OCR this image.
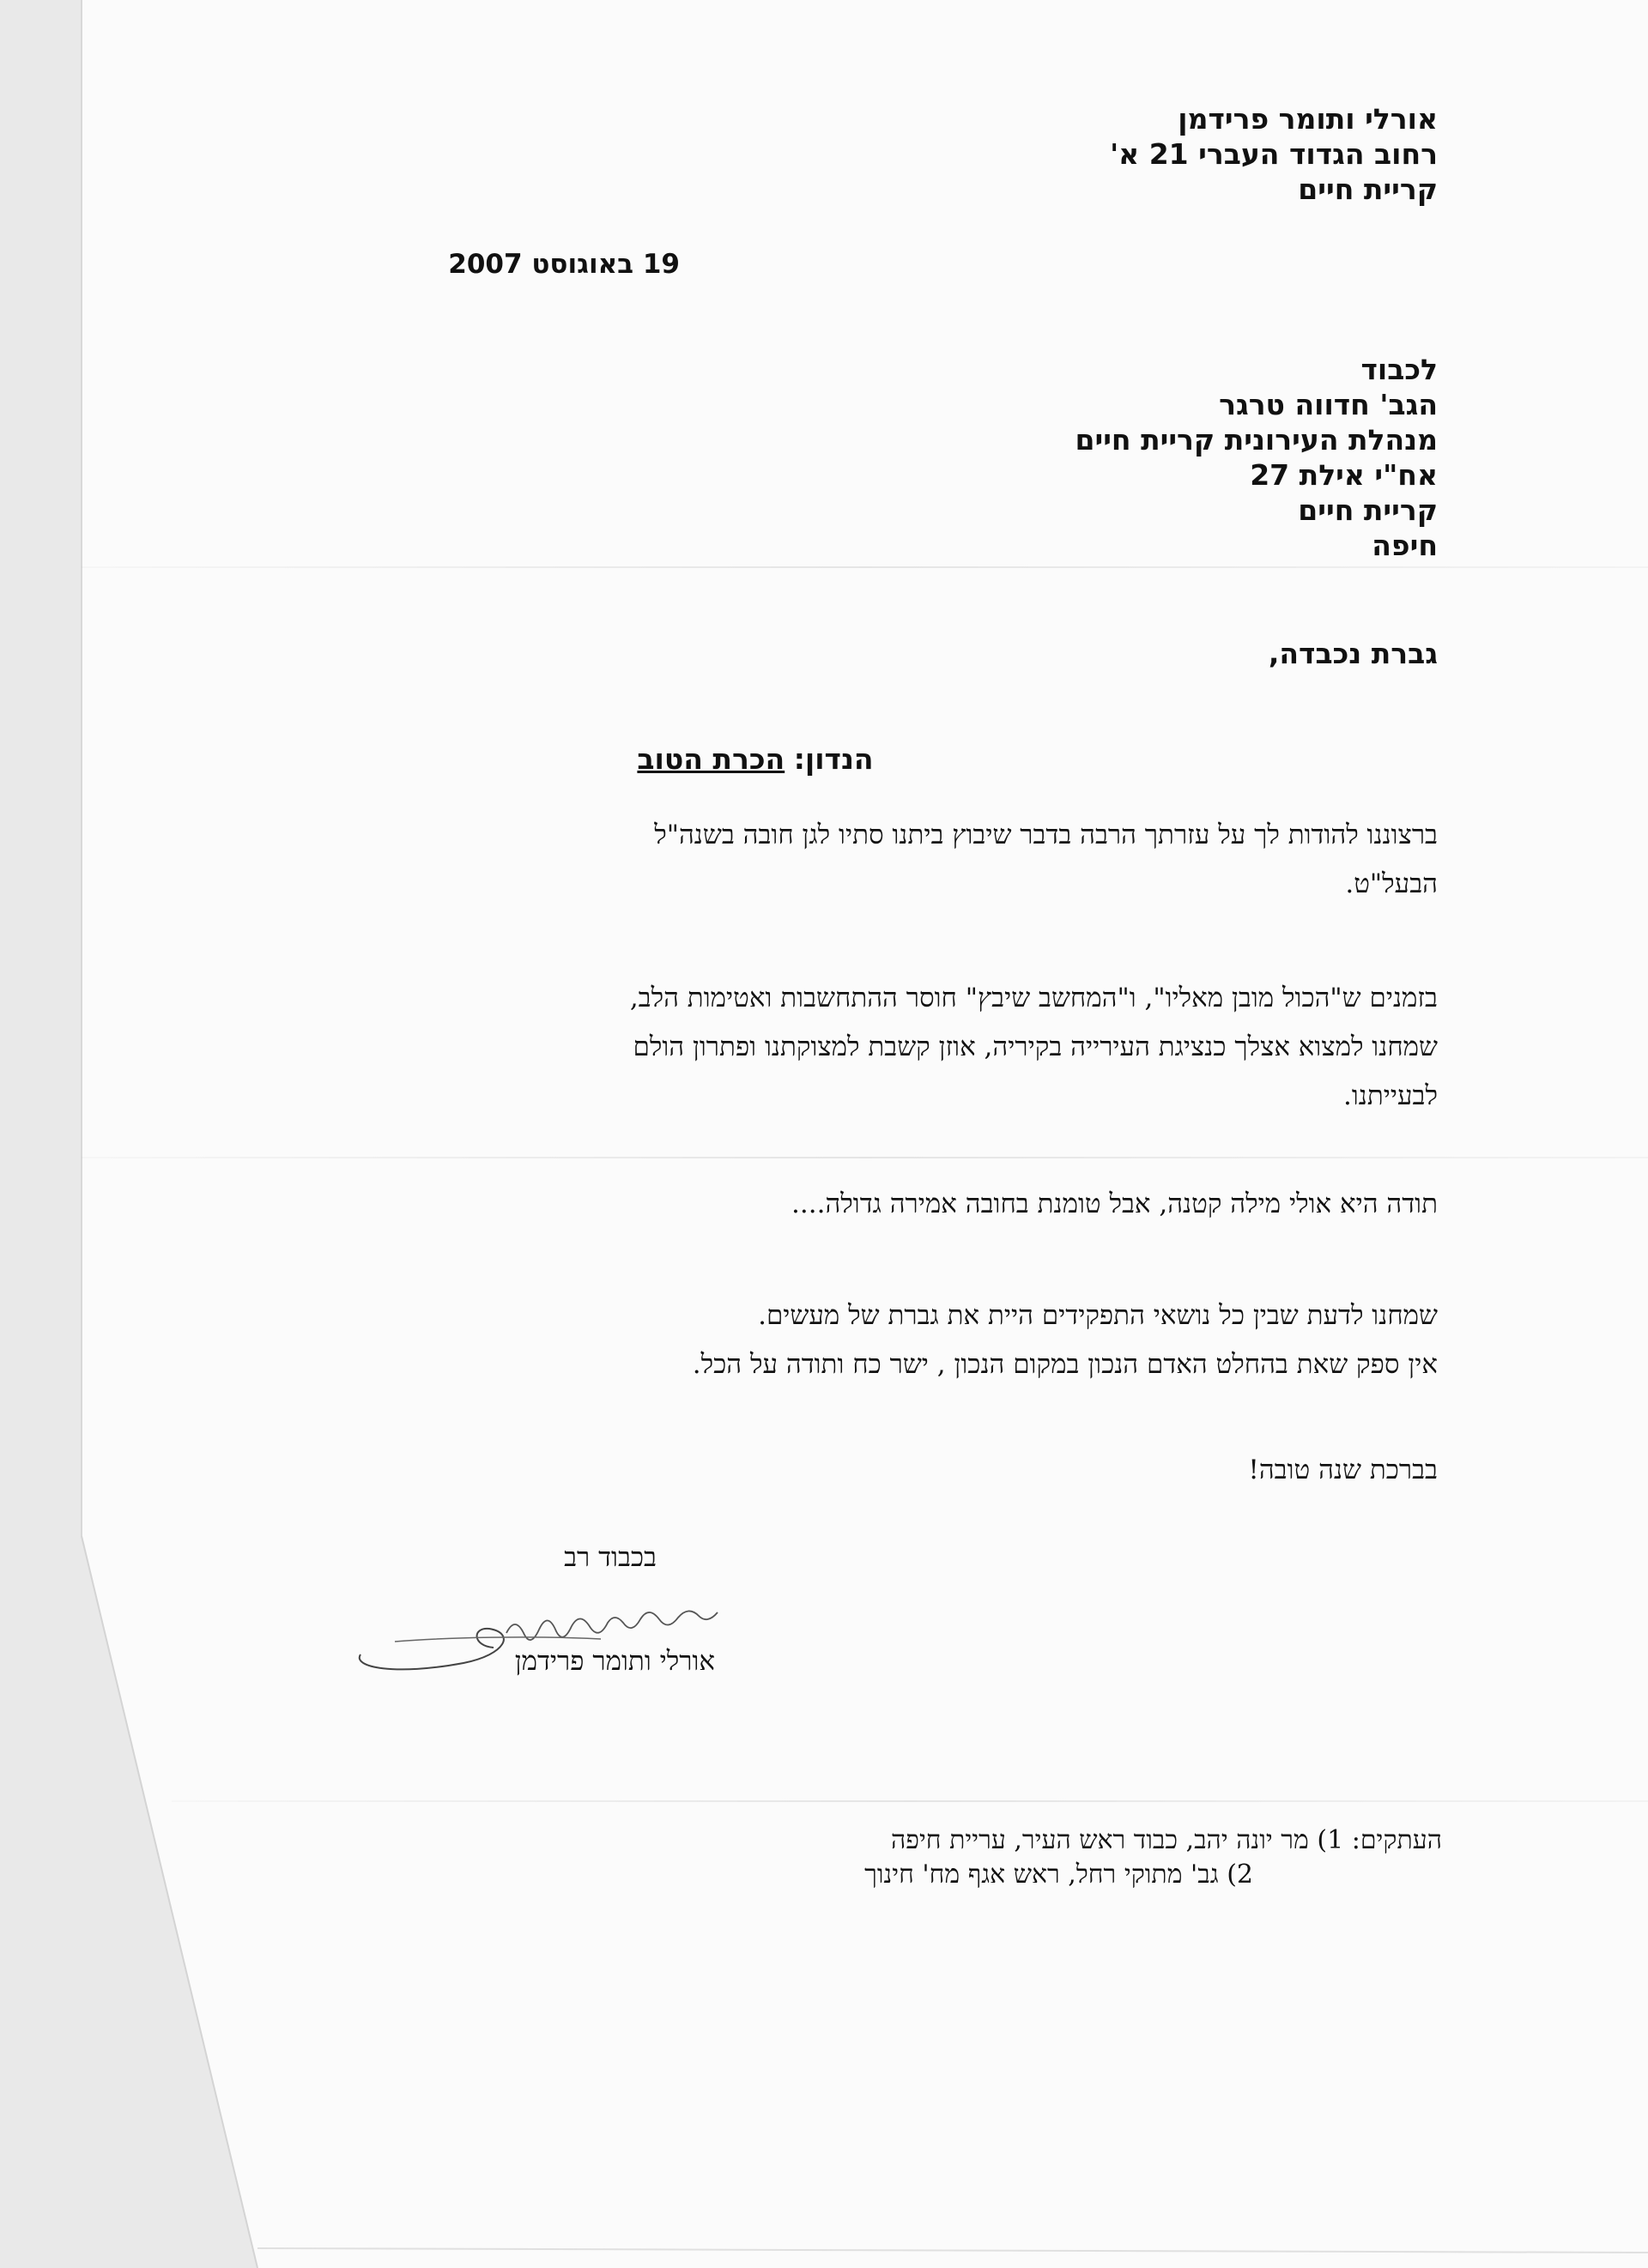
אורלי ותומר פרידמן
רחוב הגדוד העברי 21 א'
קריית חיים
19 באוגוסט 2007
לכבוד
הגב' חדווה טרגר
מנהלת העירונית קריית חיים
אח"י אילת 27
קריית חיים
חיפה
גברת נכבדה,
הנדון: הכרת הטוב
ברצוננו להודות לך על עזרתך הרבה בדבר שיבוץ ביתנו סתיו לגן חובה בשנה"ל
הבעל"ט.
בזמנים ש"הכול מובן מאליו", ו"המחשב שיבץ" חוסר ההתחשבות ואטימות הלב,
שמחנו למצוא אצלך כנציגת העירייה בקיריה, אוזן קשבת למצוקתנו ופתרון הולם
לבעייתנו.
תודה היא אולי מילה קטנה, אבל טומנת בחובה אמירה גדולה....
שמחנו לדעת שבין כל נושאי התפקידים היית את גברת של מעשים.
אין ספק שאת בהחלט האדם הנכון במקום הנכון , ישר כח ותודה על הכל.
בברכת שנה טובה!
בכבוד רב
אורלי ותומר פרידמן
העתקים: 1) מר יונה יהב, כבוד ראש העיר, עריית חיפה
2) גב' מתוקי רחל, ראש אגף מח' חינוך
